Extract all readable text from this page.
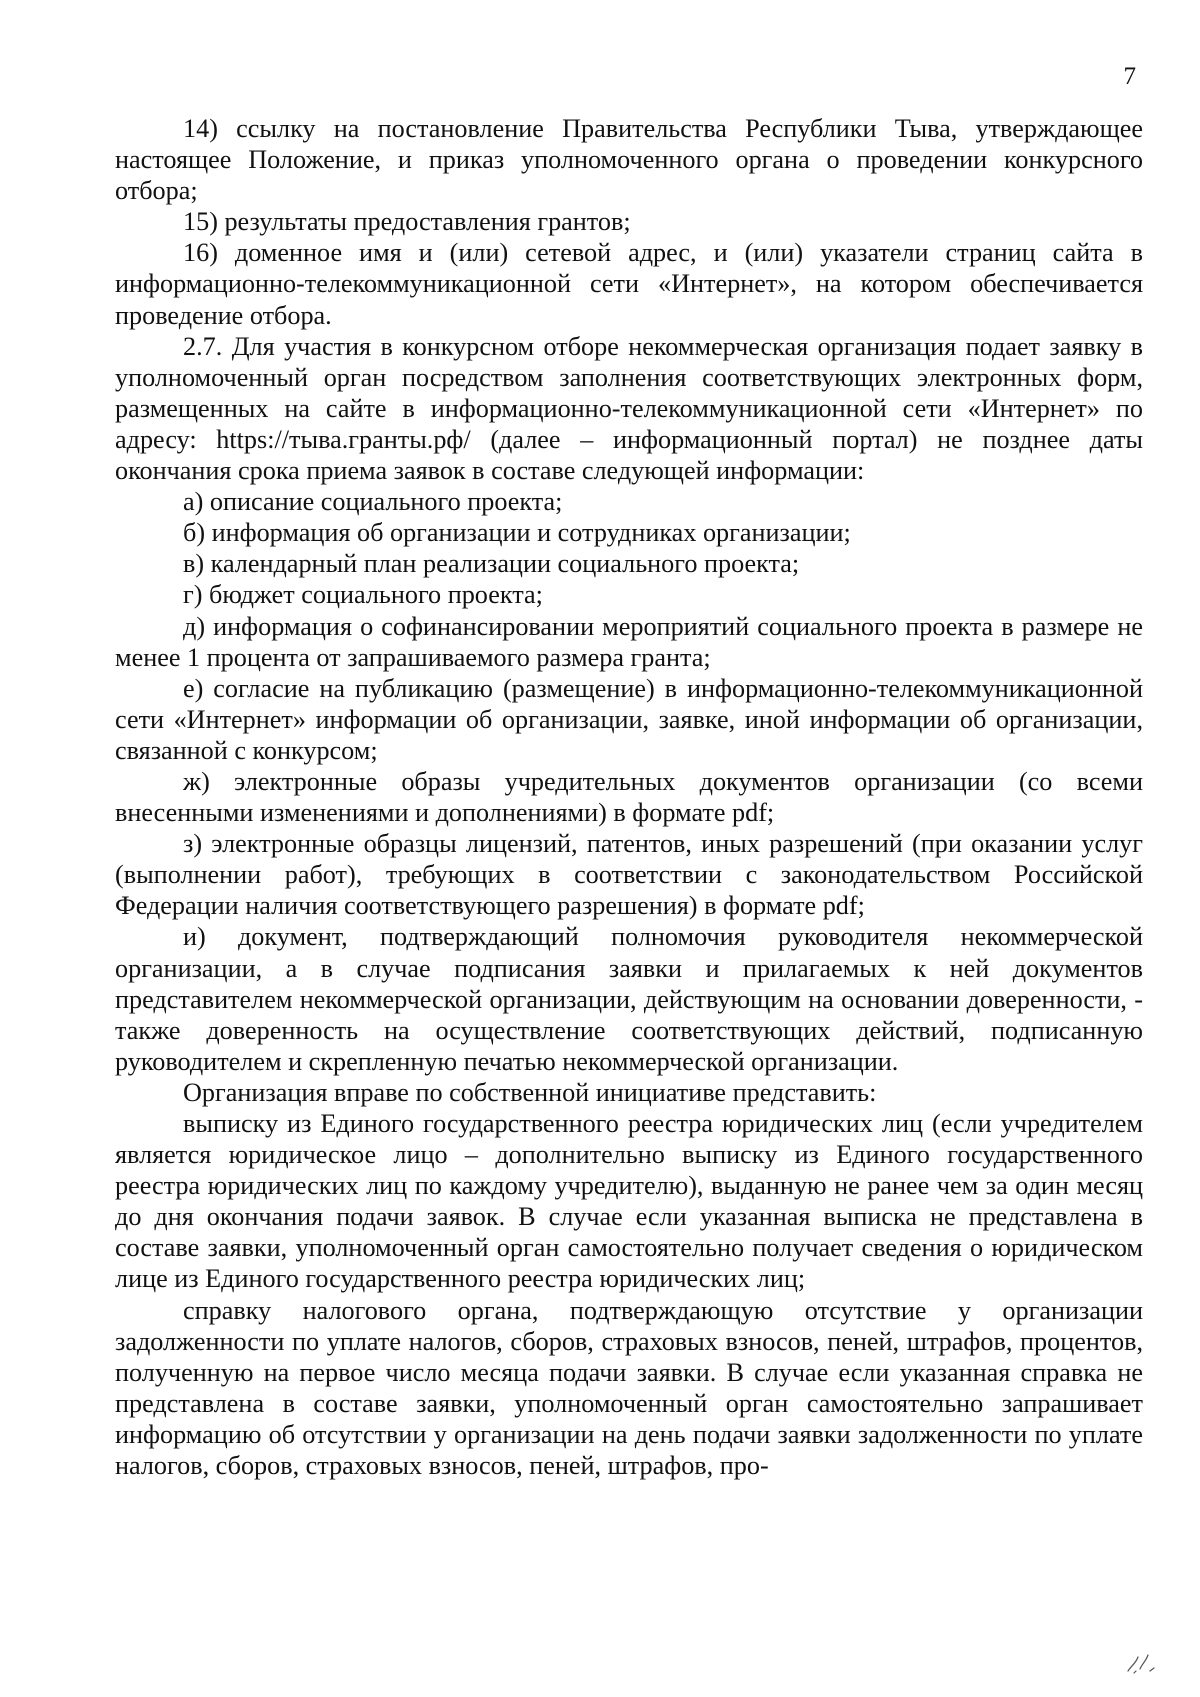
7

14) ссылку на постановление Правительства Республики Тыва, утверждающее настоящее Положение, и приказ уполномоченного органа о проведении конкурсного отбора;

15) результаты предоставления грантов;

16) доменное имя и (или) сетевой адрес, и (или) указатели страниц сайта в информационно-телекоммуникационной сети «Интернет», на котором обеспечивается проведение отбора.

2.7. Для участия в конкурсном отборе некоммерческая организация подает заявку в уполномоченный орган посредством заполнения соответствующих электронных форм, размещенных на сайте в информационно-телекоммуникационной сети «Интернет» по адресу: https://тыва.гранты.рф/ (далее – информационный портал) не позднее даты окончания срока приема заявок в составе следующей информации:

а) описание социального проекта;

б) информация об организации и сотрудниках организации;

в) календарный план реализации социального проекта;

г) бюджет социального проекта;

д) информация о софинансировании мероприятий социального проекта в размере не менее 1 процента от запрашиваемого размера гранта;

е) согласие на публикацию (размещение) в информационно-телекоммуникационной сети «Интернет» информации об организации, заявке, иной информации об организации, связанной с конкурсом;

ж) электронные образы учредительных документов организации (со всеми внесенными изменениями и дополнениями) в формате pdf;

з) электронные образцы лицензий, патентов, иных разрешений (при оказании услуг (выполнении работ), требующих в соответствии с законодательством Российской Федерации наличия соответствующего разрешения) в формате pdf;

и) документ, подтверждающий полномочия руководителя некоммерческой организации, а в случае подписания заявки и прилагаемых к ней документов представителем некоммерческой организации, действующим на основании доверенности, - также доверенность на осуществление соответствующих действий, подписанную руководителем и скрепленную печатью некоммерческой организации.

Организация вправе по собственной инициативе представить:

выписку из Единого государственного реестра юридических лиц (если учредителем является юридическое лицо – дополнительно выписку из Единого государственного реестра юридических лиц по каждому учредителю), выданную не ранее чем за один месяц до дня окончания подачи заявок. В случае если указанная выписка не представлена в составе заявки, уполномоченный орган самостоятельно получает сведения о юридическом лице из Единого государственного реестра юридических лиц;

справку налогового органа, подтверждающую отсутствие у организации задолженности по уплате налогов, сборов, страховых взносов, пеней, штрафов, процентов, полученную на первое число месяца подачи заявки. В случае если указанная справка не представлена в составе заявки, уполномоченный орган самостоятельно запрашивает информацию об отсутствии у организации на день подачи заявки задолженности по уплате налогов, сборов, страховых взносов, пеней, штрафов, про-
